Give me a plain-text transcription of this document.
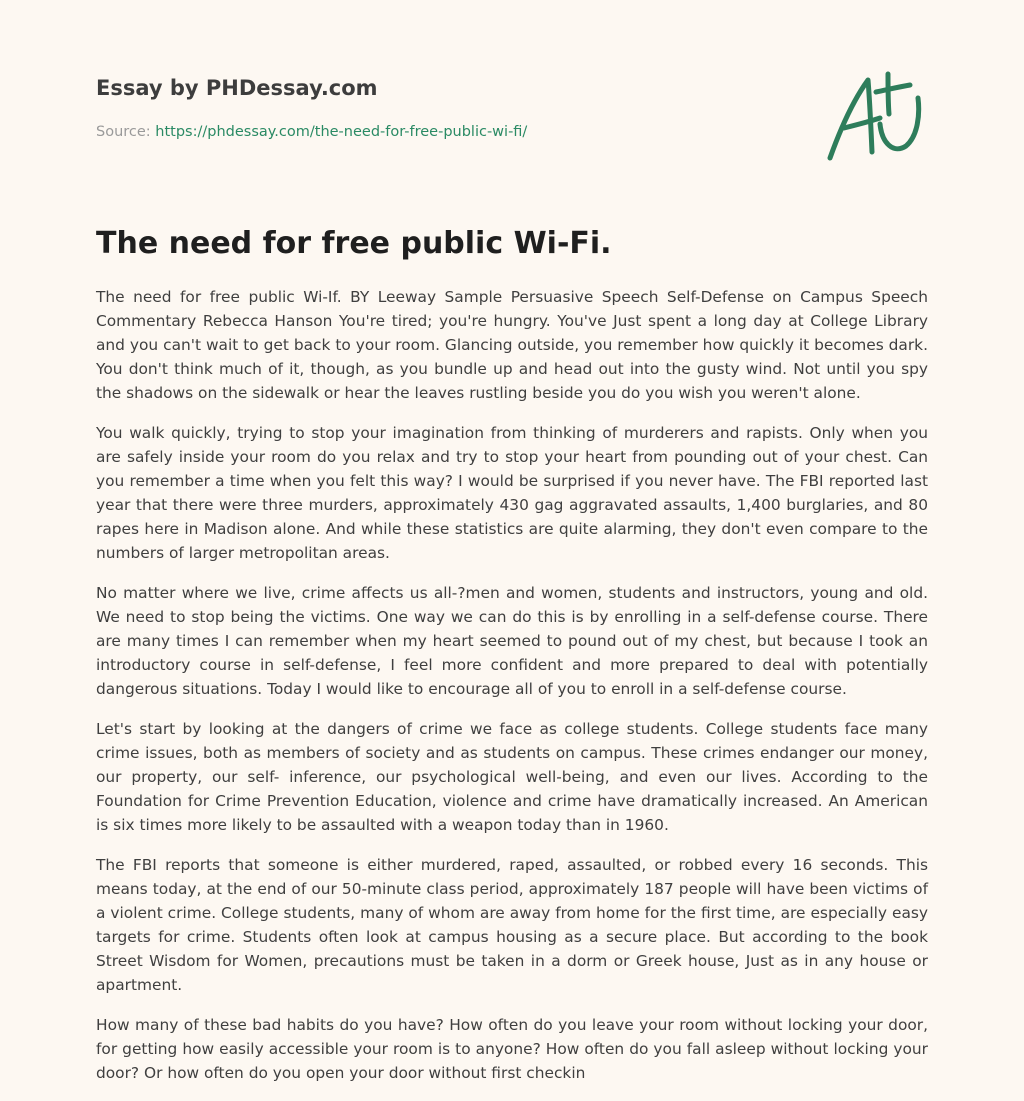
Essay by PHDessay.com
Source: https://phdessay.com/the-need-for-free-public-wi-fi/
The need for free public Wi-Fi.

The need for free public Wi-If. BY Leeway Sample Persuasive Speech Self-Defense on Campus Speech Commentary Rebecca Hanson You're tired; you're hungry. You've Just spent a long day at College Library and you can't wait to get back to your room. Glancing outside, you remember how quickly it becomes dark. You don't think much of it, though, as you bundle up and head out into the gusty wind. Not until you spy the shadows on the sidewalk or hear the leaves rustling beside you do you wish you weren't alone.

You walk quickly, trying to stop your imagination from thinking of murderers and rapists. Only when you are safely inside your room do you relax and try to stop your heart from pounding out of your chest. Can you remember a time when you felt this way? I would be surprised if you never have. The FBI reported last year that there were three murders, approximately 430 gag aggravated assaults, 1,400 burglaries, and 80 rapes here in Madison alone. And while these statistics are quite alarming, they don't even compare to the numbers of larger metropolitan areas.

No matter where we live, crime affects us all-?men and women, students and instructors, young and old. We need to stop being the victims. One way we can do this is by enrolling in a self-defense course. There are many times I can remember when my heart seemed to pound out of my chest, but because I took an introductory course in self-defense, I feel more confident and more prepared to deal with potentially dangerous situations. Today I would like to encourage all of you to enroll in a self-defense course.

Let's start by looking at the dangers of crime we face as college students. College students face many crime issues, both as members of society and as students on campus. These crimes endanger our money, our property, our self- inference, our psychological well-being, and even our lives. According to the Foundation for Crime Prevention Education, violence and crime have dramatically increased. An American is six times more likely to be assaulted with a weapon today than in 1960.

The FBI reports that someone is either murdered, raped, assaulted, or robbed every 16 seconds. This means today, at the end of our 50-minute class period, approximately 187 people will have been victims of a violent crime. College students, many of whom are away from home for the first time, are especially easy targets for crime. Students often look at campus housing as a secure place. But according to the book Street Wisdom for Women, precautions must be taken in a dorm or Greek house, Just as in any house or apartment.

How many of these bad habits do you have? How often do you leave your room without locking your door, for getting how easily accessible your room is to anyone? How often do you fall asleep without locking your door? Or how often do you open your door without first checkin
